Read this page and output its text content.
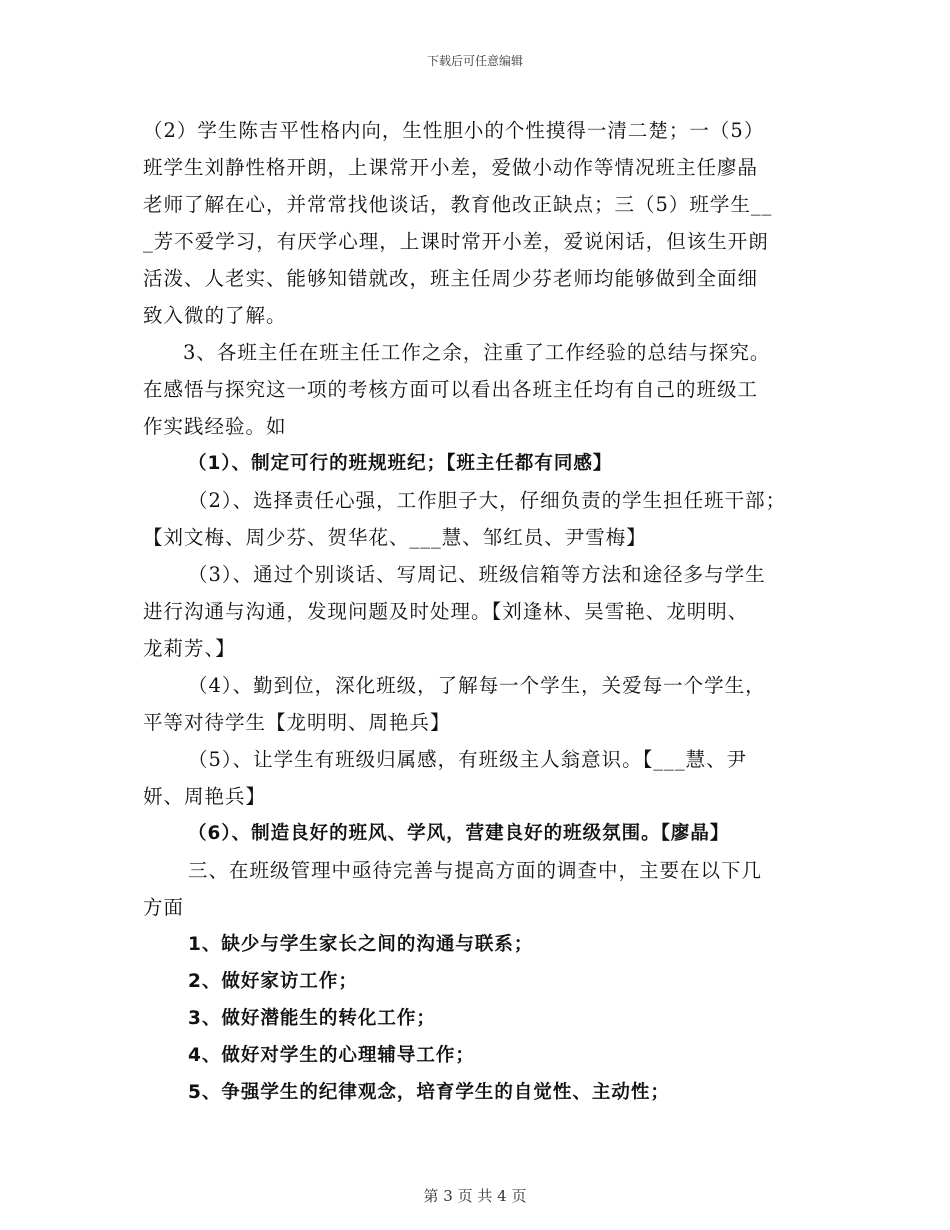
下载后可任意编辑
（2）学生陈吉平性格内向，生性胆小的个性摸得一清二楚；一（5）
班学生刘静性格开朗，上课常开小差，爱做小动作等情况班主任廖晶
老师了解在心，并常常找他谈话，教育他改正缺点；三（5）班学生__
_芳不爱学习，有厌学心理，上课时常开小差，爱说闲话，但该生开朗
活泼、人老实、能够知错就改，班主任周少芬老师均能够做到全面细
致入微的了解。
3、各班主任在班主任工作之余，注重了工作经验的总结与探究。
在感悟与探究这一项的考核方面可以看出各班主任均有自己的班级工
作实践经验。如
（1）、制定可行的班规班纪；【班主任都有同感】
（2）、选择责任心强，工作胆子大，仔细负责的学生担任班干部；
【刘文梅、周少芬、贺华花、___慧、邹红员、尹雪梅】
（3）、通过个别谈话、写周记、班级信箱等方法和途径多与学生
进行沟通与沟通，发现问题及时处理。【刘逢林、吴雪艳、龙明明、
龙莉芳、】
（4）、勤到位，深化班级，了解每一个学生，关爱每一个学生，
平等对待学生【龙明明、周艳兵】
（5）、让学生有班级归属感，有班级主人翁意识。【___慧、尹
妍、周艳兵】
（6）、制造良好的班风、学风，营建良好的班级氛围。【廖晶】
三、在班级管理中亟待完善与提高方面的调查中，主要在以下几
方面
1、缺少与学生家长之间的沟通与联系；
2、做好家访工作；
3、做好潜能生的转化工作；
4、做好对学生的心理辅导工作；
5、争强学生的纪律观念，培育学生的自觉性、主动性；
第 3 页 共 4 页
